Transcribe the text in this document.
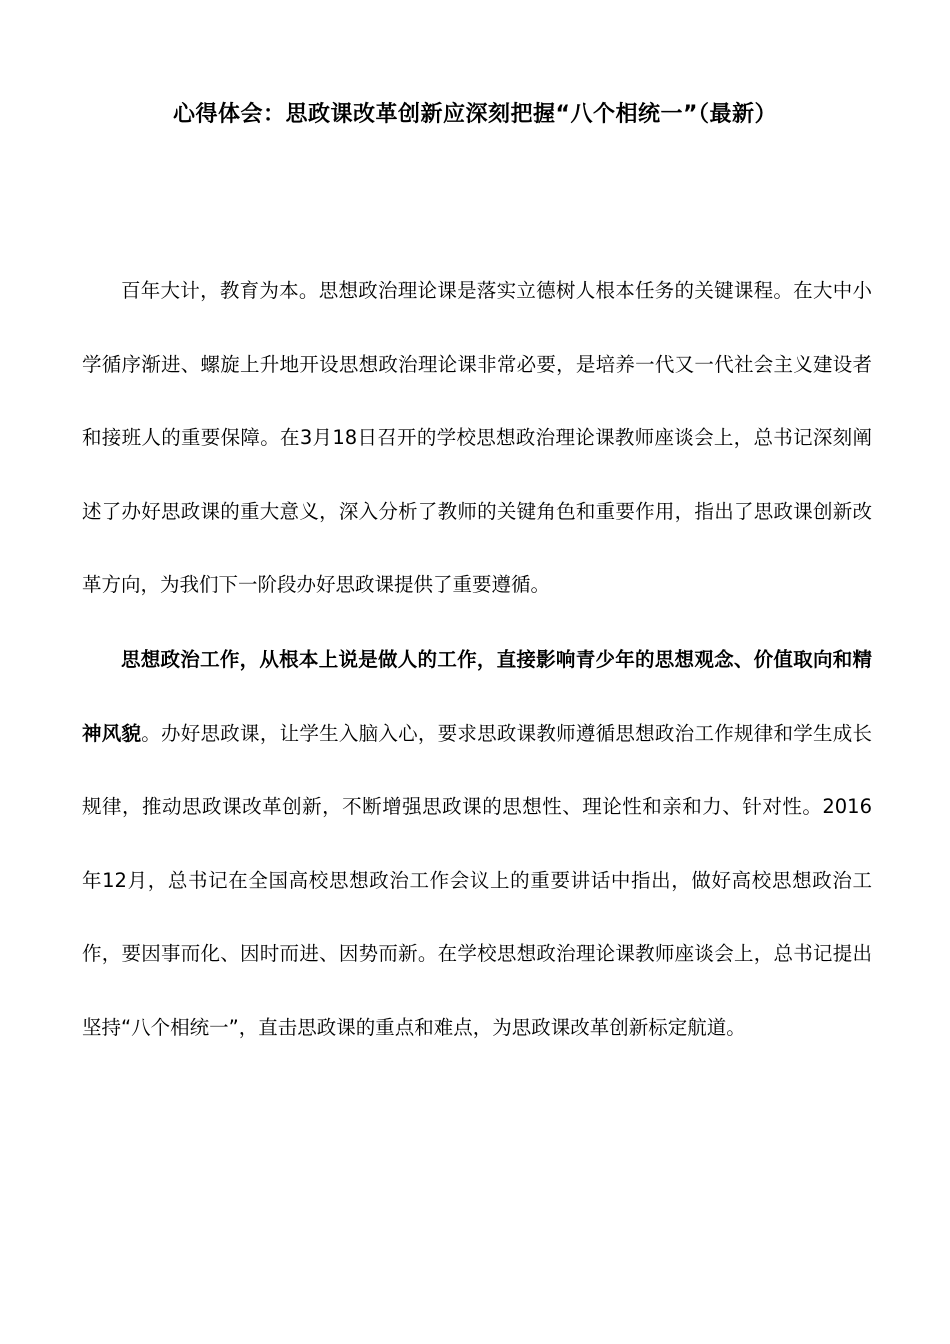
心得体会：思政课改革创新应深刻把握“八个相统一”（最新）

百年大计，教育为本。思想政治理论课是落实立德树人根本任务的关键课程。在大中小学循序渐进、螺旋上升地开设思想政治理论课非常必要，是培养一代又一代社会主义建设者和接班人的重要保障。在3月18日召开的学校思想政治理论课教师座谈会上，总书记深刻阐述了办好思政课的重大意义，深入分析了教师的关键角色和重要作用，指出了思政课创新改革方向，为我们下一阶段办好思政课提供了重要遵循。

思想政治工作，从根本上说是做人的工作，直接影响青少年的思想观念、价值取向和精神风貌。办好思政课，让学生入脑入心，要求思政课教师遵循思想政治工作规律和学生成长规律，推动思政课改革创新，不断增强思政课的思想性、理论性和亲和力、针对性。2016年12月，总书记在全国高校思想政治工作会议上的重要讲话中指出，做好高校思想政治工作，要因事而化、因时而进、因势而新。在学校思想政治理论课教师座谈会上，总书记提出坚持“八个相统一”，直击思政课的重点和难点，为思政课改革创新标定航道。
